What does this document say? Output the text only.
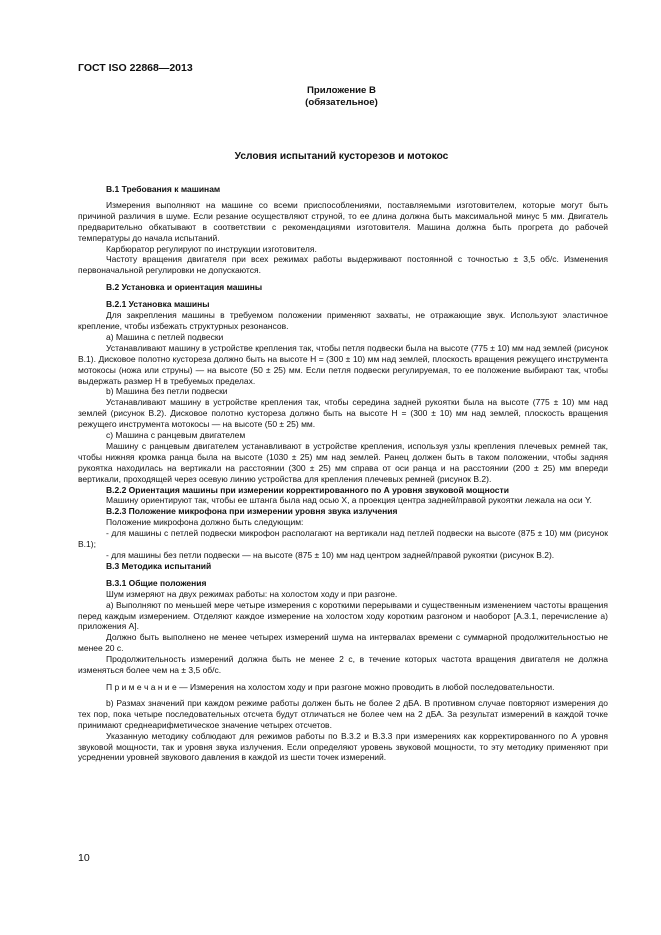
ГОСТ ISO 22868—2013
Приложение В
(обязательное)
Условия испытаний кусторезов и мотокос

В.1 Требования к машинам

Измерения выполняют на машине со всеми приспособлениями, поставляемыми изготовителем, которые могут быть причиной различия в шуме. Если резание осуществляют струной, то ее длина должна быть максимальной минус 5 мм. Двигатель предварительно обкатывают в соответствии с рекомендациями изготовителя. Машина должна быть прогрета до рабочей температуры до начала испытаний.

Карбюратор регулируют по инструкции изготовителя.

Частоту вращения двигателя при всех режимах работы выдерживают постоянной с точностью ± 3,5 об/с. Изменения первоначальной регулировки не допускаются.

В.2 Установка и ориентация машины

В.2.1 Установка машины

Для закрепления машины в требуемом положении применяют захваты, не отражающие звук. Используют эластичное крепление, чтобы избежать структурных резонансов.

a) Машина с петлей подвески

Устанавливают машину в устройстве крепления так, чтобы петля подвески была на высоте (775 ± 10) мм над землей (рисунок В.1). Дисковое полотно кустореза должно быть на высоте H = (300 ± 10) мм над землей, плоскость вращения режущего инструмента мотокосы (ножа или струны) — на высоте (50 ± 25) мм. Если петля подвески регулируемая, то ее положение выбирают так, чтобы выдержать размер H в требуемых пределах.

b) Машина без петли подвески

Устанавливают машину в устройстве крепления так, чтобы середина задней рукоятки была на высоте (775 ± 10) мм над землей (рисунок В.2). Дисковое полотно кустореза должно быть на высоте H = (300 ± 10) мм над землей, плоскость вращения режущего инструмента мотокосы — на высоте (50 ± 25) мм.

c) Машина с ранцевым двигателем

Машину с ранцевым двигателем устанавливают в устройстве крепления, используя узлы крепления плечевых ремней так, чтобы нижняя кромка ранца была на высоте (1030 ± 25) мм над землей. Ранец должен быть в таком положении, чтобы задняя рукоятка находилась на вертикали на расстоянии (300 ± 25) мм справа от оси ранца и на расстоянии (200 ± 25) мм впереди вертикали, проходящей через осевую линию устройства для крепления плечевых ремней (рисунок В.2).

В.2.2 Ориентация машины при измерении корректированного по А уровня звуковой мощности

Машину ориентируют так, чтобы ее штанга была над осью X, а проекция центра задней/правой рукоятки лежала на оси Y.

В.2.3 Положение микрофона при измерении уровня звука излучения

Положение микрофона должно быть следующим:

- для машины с петлей подвески микрофон располагают на вертикали над петлей подвески на высоте (875 ± 10) мм (рисунок В.1);

- для машины без петли подвески — на высоте (875 ± 10) мм над центром задней/правой рукоятки (рисунок В.2).

В.3 Методика испытаний

В.3.1 Общие положения

Шум измеряют на двух режимах работы: на холостом ходу и при разгоне.

a) Выполняют по меньшей мере четыре измерения с короткими перерывами и существенным изменением частоты вращения перед каждым измерением. Отделяют каждое измерение на холостом ходу коротким разгоном и наоборот [А.3.1, перечисление a) приложения А].

Должно быть выполнено не менее четырех измерений шума на интервалах времени с суммарной продолжительностью не менее 20 с.

Продолжительность измерений должна быть не менее 2 с, в течение которых частота вращения двигателя не должна изменяться более чем на ± 3,5 об/с.

П р и м е ч а н и е — Измерения на холостом ходу и при разгоне можно проводить в любой последовательности.

b) Размах значений при каждом режиме работы должен быть не более 2 дБА. В противном случае повторяют измерения до тех пор, пока четыре последовательных отсчета будут отличаться не более чем на 2 дБА. За результат измерений в каждой точке принимают среднеарифметическое значение четырех отсчетов.

Указанную методику соблюдают для режимов работы по В.3.2 и В.3.3 при измерениях как корректированного по А уровня звуковой мощности, так и уровня звука излучения. Если определяют уровень звуковой мощности, то эту методику применяют при усреднении уровней звукового давления в каждой из шести точек измерений.

10
